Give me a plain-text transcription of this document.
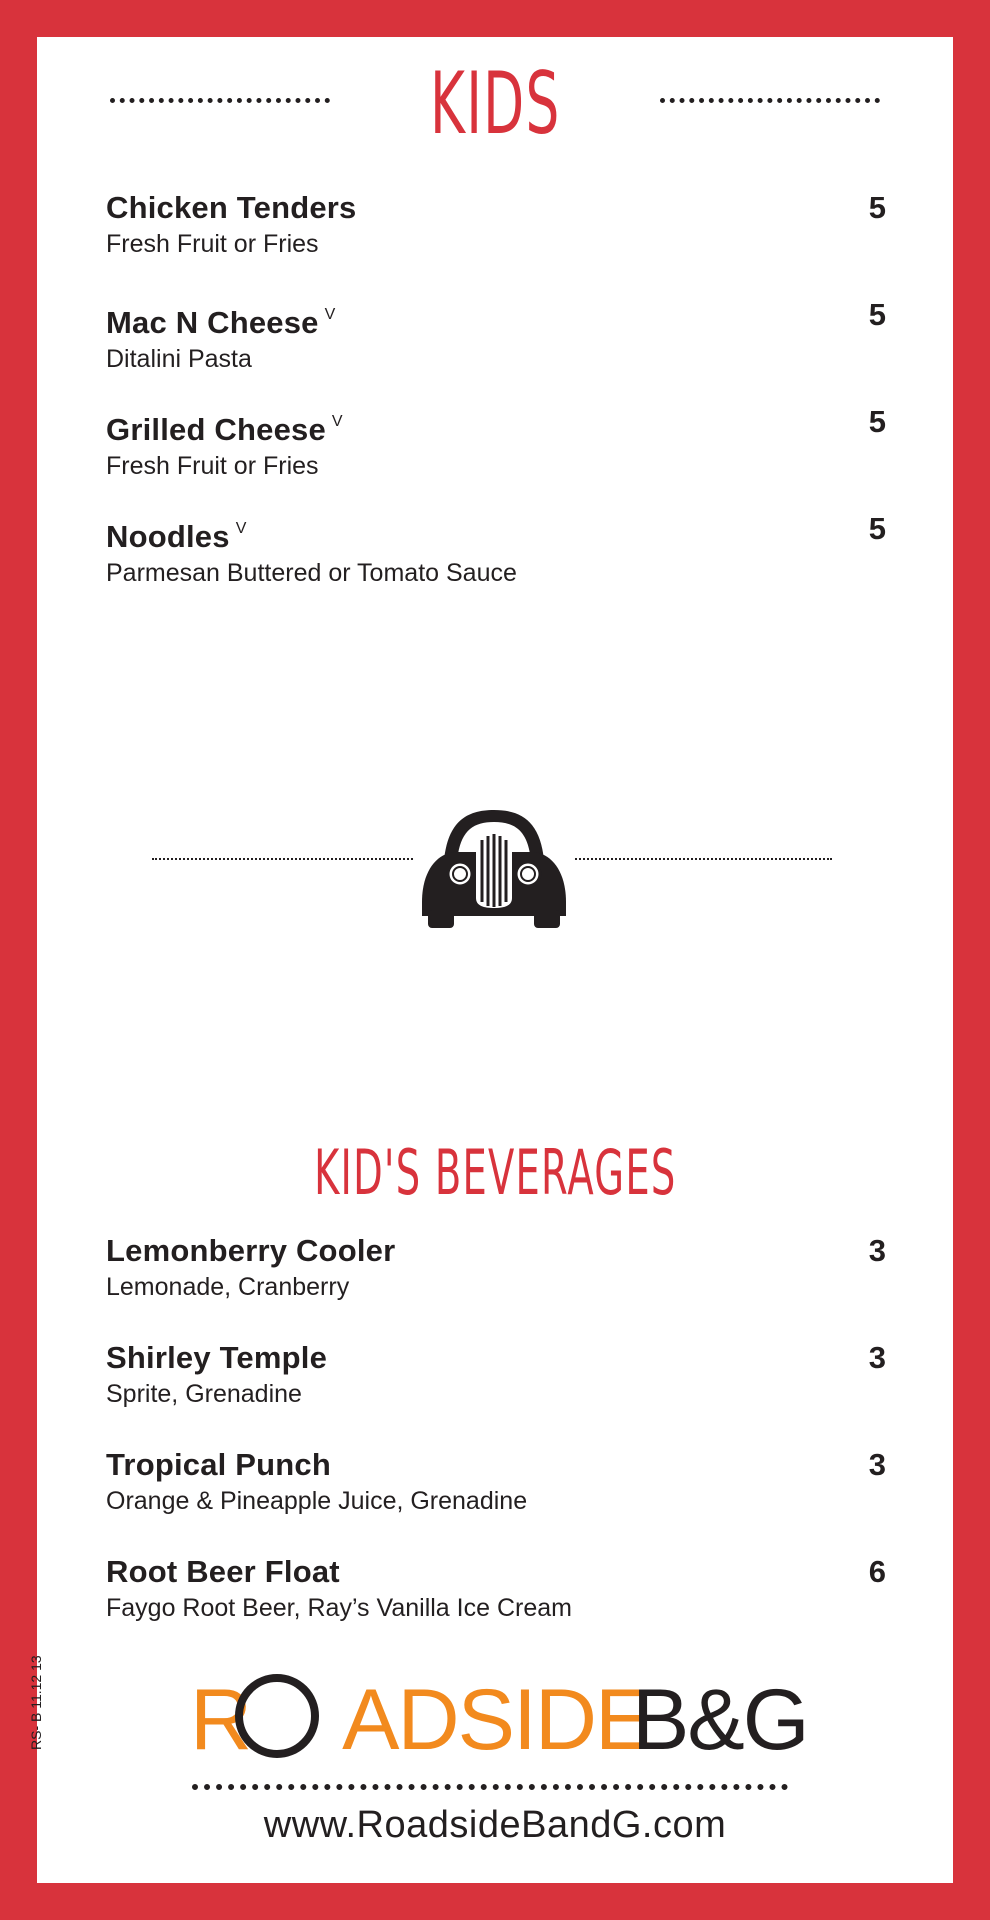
KIDS
Chicken Tenders
Fresh Fruit or Fries
5
Mac N Cheese $^V$
Ditalini Pasta
5
Grilled Cheese $^V$
Fresh Fruit or Fries
5
Noodles $^V$
Parmesan Buttered or Tomato Sauce
5
KID'S BEVERAGES
Lemonberry Cooler
Lemonade, Cranberry
3
Shirley Temple
Sprite, Grenadine
3
Tropical Punch
Orange & Pineapple Juice, Grenadine
3
Root Beer Float
Faygo Root Beer, Ray’s Vanilla Ice Cream
6
R ADSIDE
B&G
www.RoadsideBandG.com
RS- B 11.12 13
